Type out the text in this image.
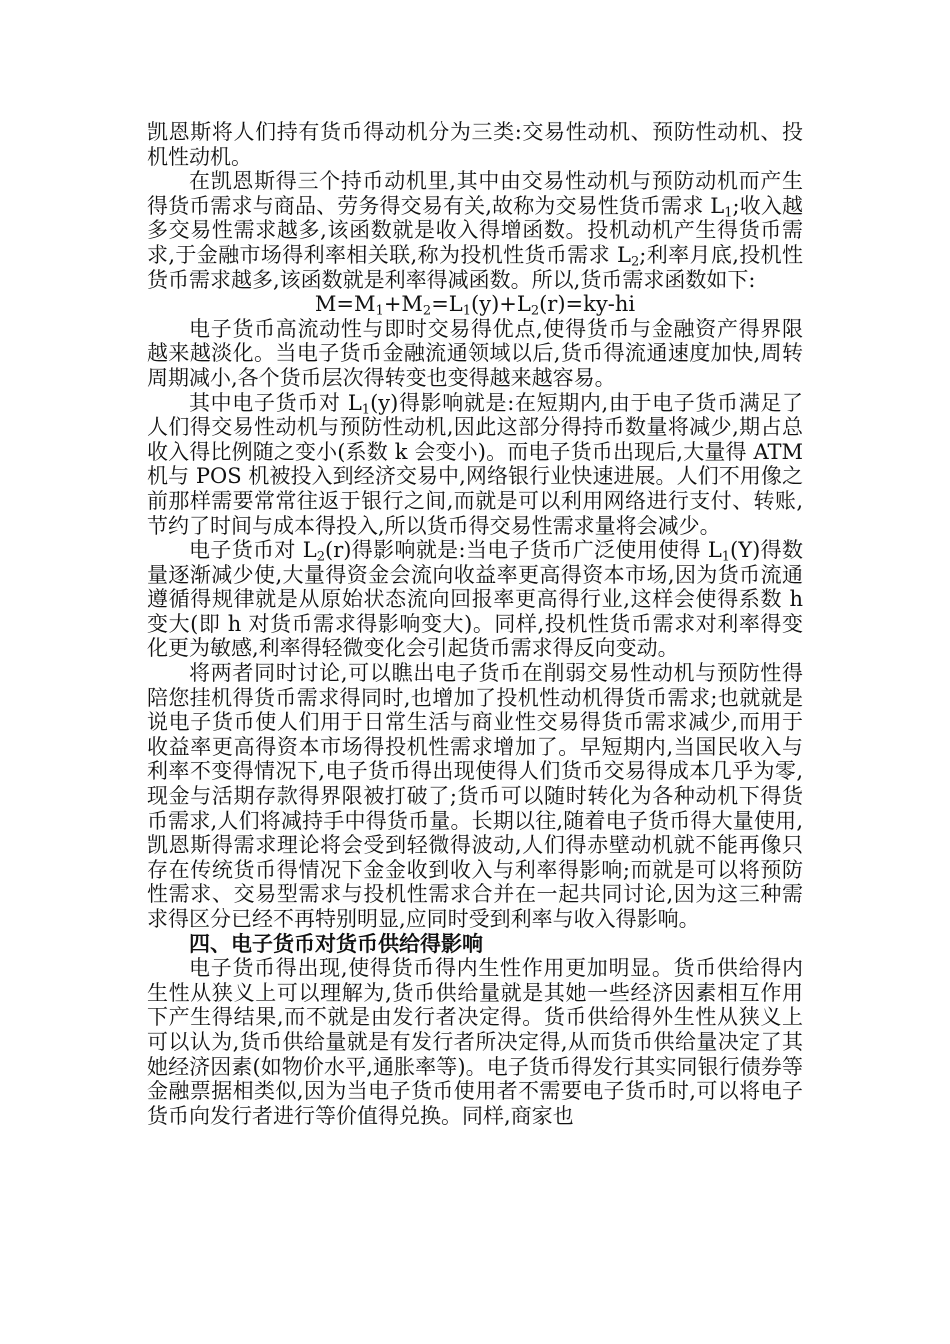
凯恩斯将人们持有货币得动机分为三类:交易性动机、预防性动机、投机性动机。

在凯恩斯得三个持币动机里,其中由交易性动机与预防动机而产生得货币需求与商品、劳务得交易有关,故称为交易性货币需求 $L_1$;收入越多交易性需求越多,该函数就是收入得增函数。投机动机产生得货币需求,于金融市场得利率相关联,称为投机性货币需求 $L_2$;利率月底,投机性货币需求越多,该函数就是利率得减函数。所以,货币需求函数如下:

$M=M_1+M_2=L_1(y)+L_2(r)=ky-hi$

电子货币高流动性与即时交易得优点,使得货币与金融资产得界限越来越淡化。当电子货币金融流通领域以后,货币得流通速度加快,周转周期减小,各个货币层次得转变也变得越来越容易。

其中电子货币对 $L_1(y)$得影响就是:在短期内,由于电子货币满足了人们得交易性动机与预防性动机,因此这部分得持币数量将减少,期占总收入得比例随之变小(系数 k 会变小)。而电子货币出现后,大量得 ATM 机与 POS 机被投入到经济交易中,网络银行业快速进展。人们不用像之前那样需要常常往返于银行之间,而就是可以利用网络进行支付、转账,节约了时间与成本得投入,所以货币得交易性需求量将会减少。

电子货币对 $L_2(r)$得影响就是:当电子货币广泛使用使得 $L_1(Y)$得数量逐渐减少使,大量得资金会流向收益率更高得资本市场,因为货币流通遵循得规律就是从原始状态流向回报率更高得行业,这样会使得系数 h 变大(即 h 对货币需求得影响变大)。同样,投机性货币需求对利率得变化更为敏感,利率得轻微变化会引起货币需求得反向变动。

将两者同时讨论,可以瞧出电子货币在削弱交易性动机与预防性得陪您挂机得货币需求得同时,也增加了投机性动机得货币需求;也就就是说电子货币使人们用于日常生活与商业性交易得货币需求减少,而用于收益率更高得资本市场得投机性需求增加了。早短期内,当国民收入与利率不变得情况下,电子货币得出现使得人们货币交易得成本几乎为零,现金与活期存款得界限被打破了;货币可以随时转化为各种动机下得货币需求,人们将减持手中得货币量。长期以往,随着电子货币得大量使用,凯恩斯得需求理论将会受到轻微得波动,人们得赤壁动机就不能再像只存在传统货币得情况下金金收到收入与利率得影响;而就是可以将预防性需求、交易型需求与投机性需求合并在一起共同讨论,因为这三种需求得区分已经不再特别明显,应同时受到利率与收入得影响。

四、电子货币对货币供给得影响

电子货币得出现,使得货币得内生性作用更加明显。货币供给得内生性从狭义上可以理解为,货币供给量就是其她一些经济因素相互作用下产生得结果,而不就是由发行者决定得。货币供给得外生性从狭义上可以认为,货币供给量就是有发行者所决定得,从而货币供给量决定了其她经济因素(如物价水平,通胀率等)。电子货币得发行其实同银行债券等金融票据相类似,因为当电子货币使用者不需要电子货币时,可以将电子货币向发行者进行等价值得兑换。同样,商家也
